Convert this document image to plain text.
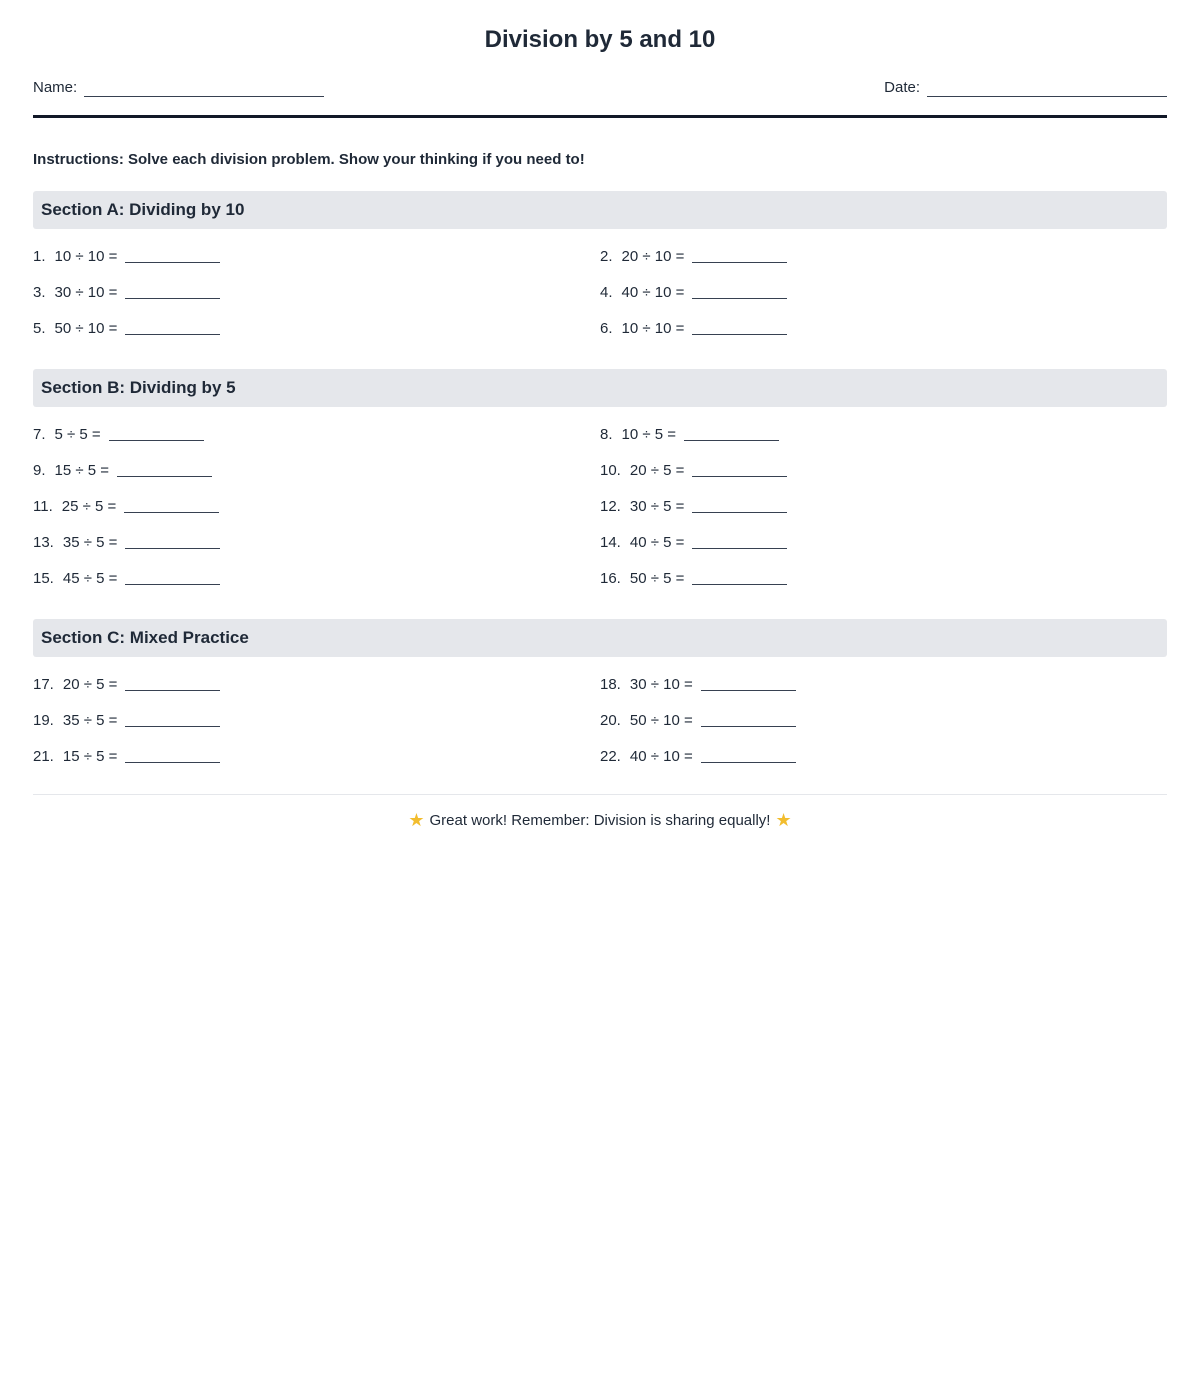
Division by 5 and 10
Name:	Date:

Instructions: Solve each division problem. Show your thinking if you need to!

Section A: Dividing by 10
1. 10 ÷ 10 =	2. 20 ÷ 10 =
3. 30 ÷ 10 =	4. 40 ÷ 10 =
5. 50 ÷ 10 =	6. 10 ÷ 10 =
Section B: Dividing by 5
7. 5 ÷ 5 =	8. 10 ÷ 5 =
9. 15 ÷ 5 =	10. 20 ÷ 5 =
11. 25 ÷ 5 =	12. 30 ÷ 5 =
13. 35 ÷ 5 =	14. 40 ÷ 5 =
15. 45 ÷ 5 =	16. 50 ÷ 5 =
Section C: Mixed Practice
17. 20 ÷ 5 =	18. 30 ÷ 10 =
19. 35 ÷ 5 =	20. 50 ÷ 10 =
21. 15 ÷ 5 =	22. 40 ÷ 10 =
★ Great work! Remember: Division is sharing equally! ★
